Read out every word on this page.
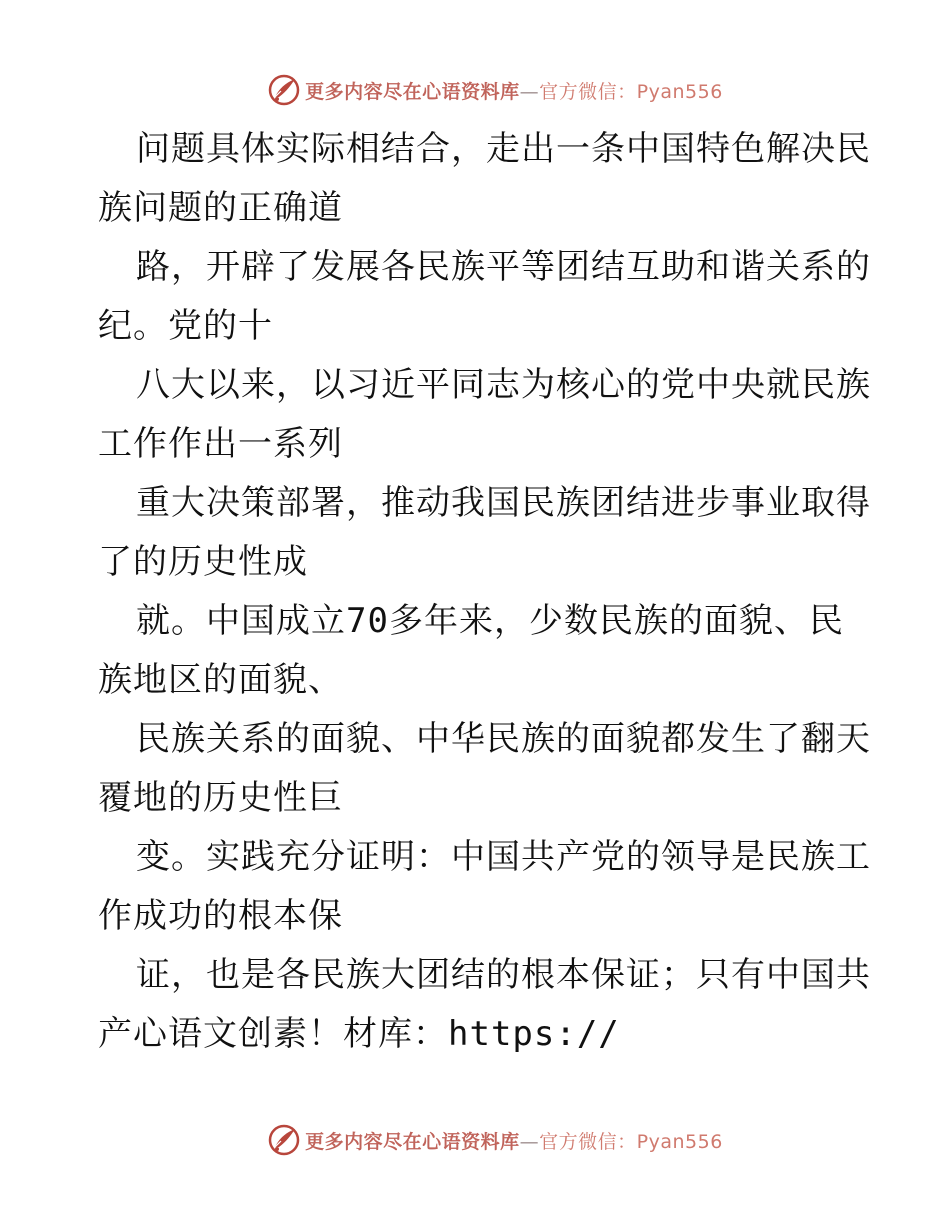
更多内容尽在心语资料库—官方微信：Pyan556
问题具体实际相结合，走出一条中国特色解决民
族问题的正确道
路，开辟了发展各民族平等团结互助和谐关系的
纪。党的十
八大以来，以习近平同志为核心的党中央就民族
工作作出一系列
重大决策部署，推动我国民族团结进步事业取得
了的历史性成
就。中国成立70多年来，少数民族的面貌、民
族地区的面貌、
民族关系的面貌、中华民族的面貌都发生了翻天
覆地的历史性巨
变。实践充分证明：中国共产党的领导是民族工
作成功的根本保
证，也是各民族大团结的根本保证；只有中国共
产心语文创素！材库：https://
更多内容尽在心语资料库—官方微信：Pyan556
